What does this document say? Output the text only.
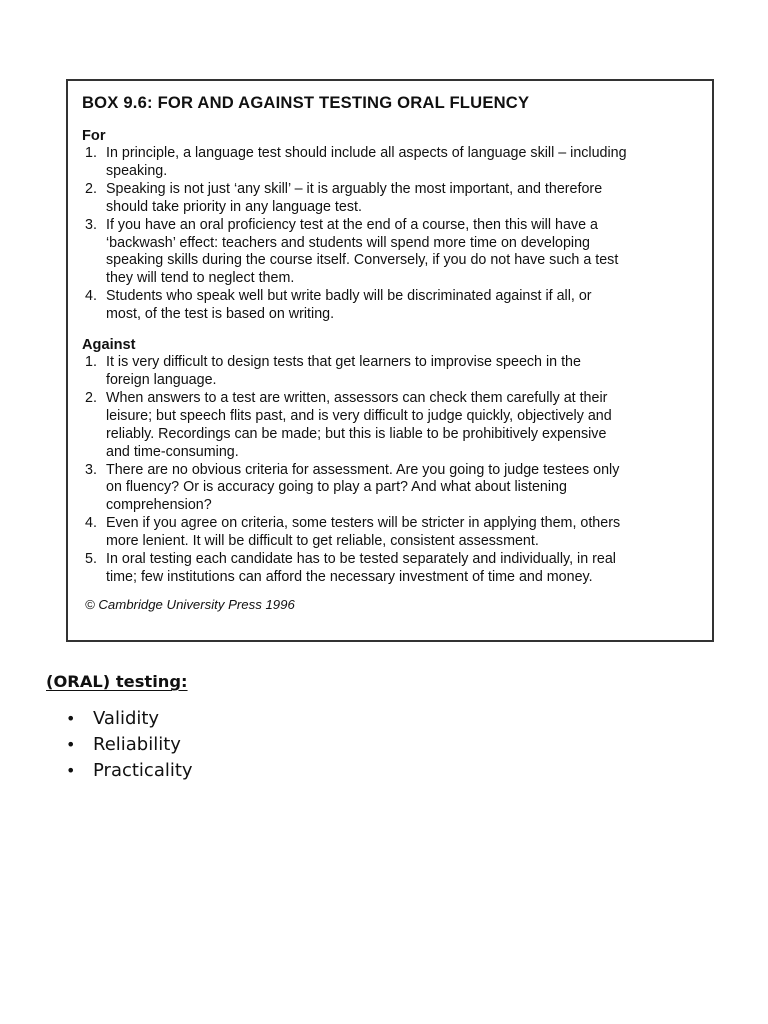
BOX 9.6: FOR AND AGAINST TESTING ORAL FLUENCY
For
1. In principle, a language test should include all aspects of language skill – including
speaking.
2. Speaking is not just ‘any skill’ – it is arguably the most important, and therefore
should take priority in any language test.
3. If you have an oral proficiency test at the end of a course, then this will have a
‘backwash’ effect: teachers and students will spend more time on developing
speaking skills during the course itself. Conversely, if you do not have such a test
they will tend to neglect them.
4. Students who speak well but write badly will be discriminated against if all, or
most, of the test is based on writing.
Against
1. It is very difficult to design tests that get learners to improvise speech in the
foreign language.
2. When answers to a test are written, assessors can check them carefully at their
leisure; but speech flits past, and is very difficult to judge quickly, objectively and
reliably. Recordings can be made; but this is liable to be prohibitively expensive
and time-consuming.
3. There are no obvious criteria for assessment. Are you going to judge testees only
on fluency? Or is accuracy going to play a part? And what about listening
comprehension?
4. Even if you agree on criteria, some testers will be stricter in applying them, others
more lenient. It will be difficult to get reliable, consistent assessment.
5. In oral testing each candidate has to be tested separately and individually, in real
time; few institutions can afford the necessary investment of time and money.
© Cambridge University Press 1996
(ORAL) testing:
• Validity
• Reliability
• Practicality
